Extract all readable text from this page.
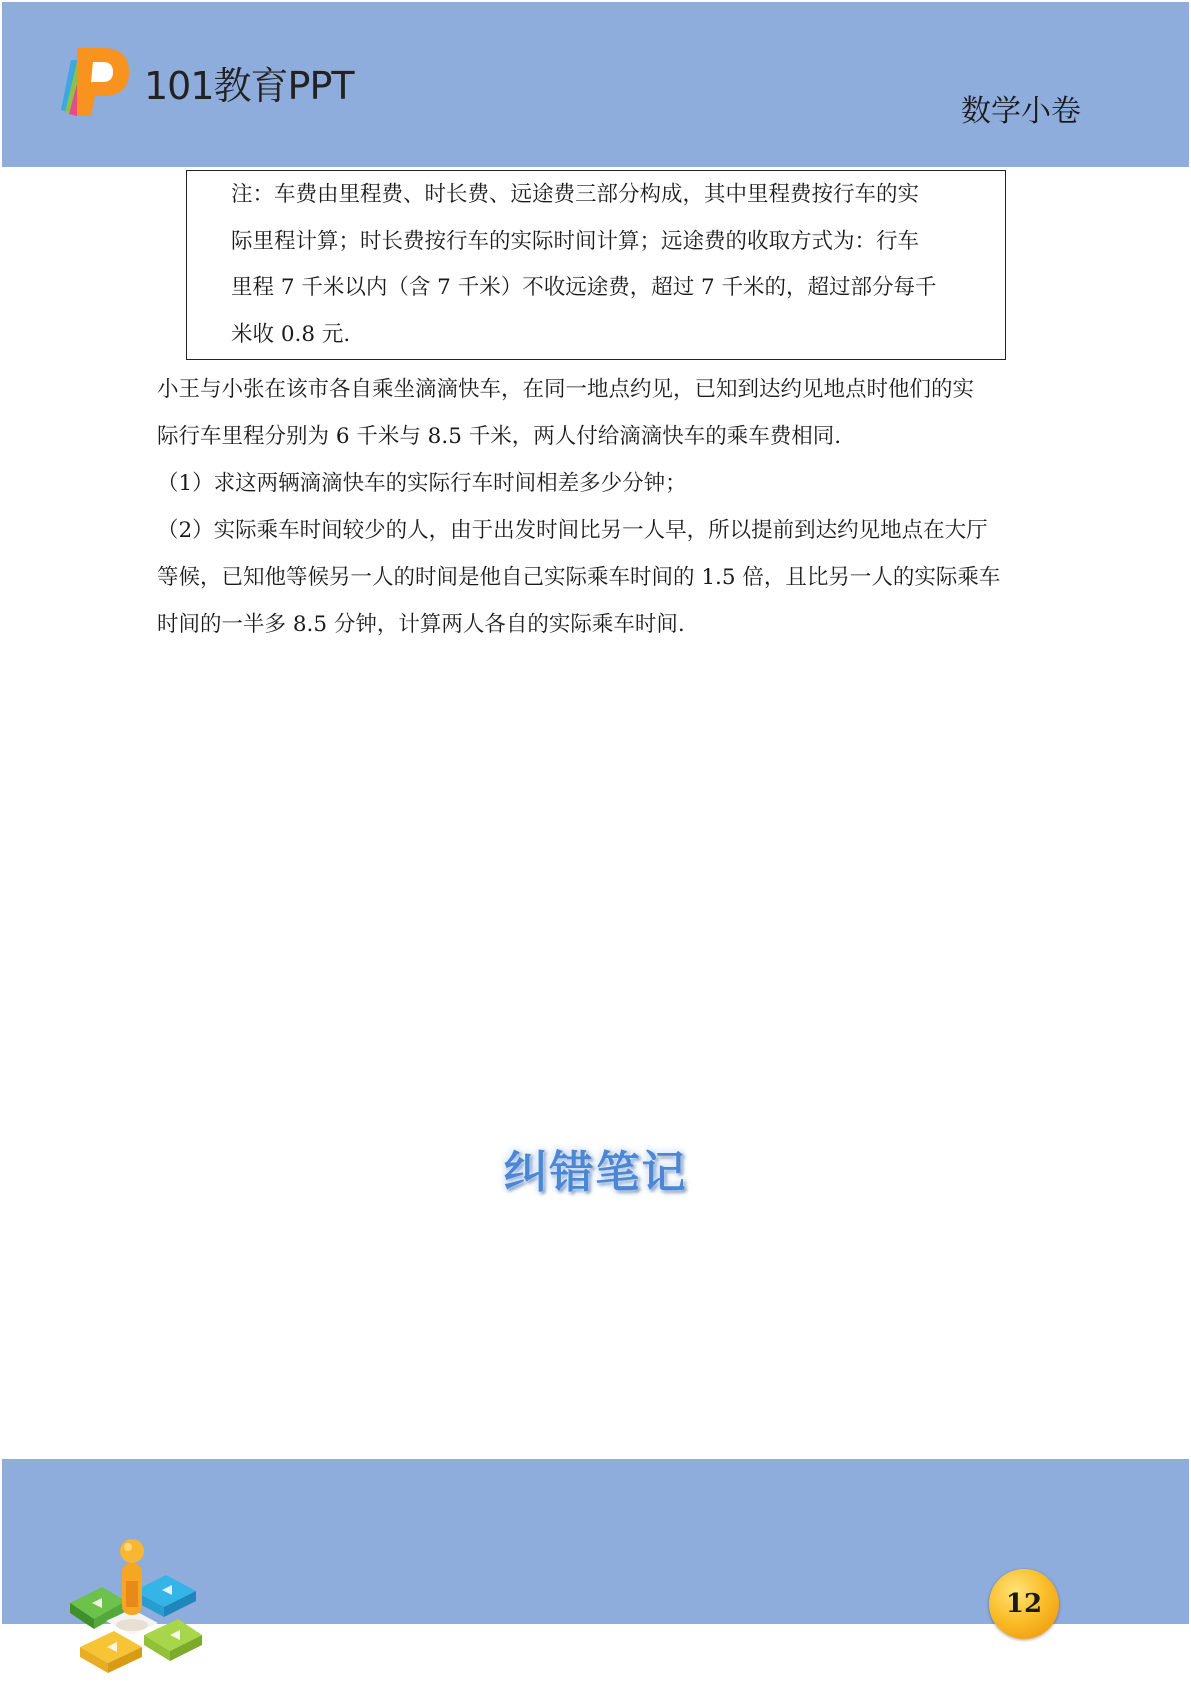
101教育PPT
数学小卷
注：车费由里程费、时长费、远途费三部分构成，其中里程费按行车的实
际里程计算；时长费按行车的实际时间计算；远途费的收取方式为：行车
里程 7 千米以内（含 7 千米）不收远途费，超过 7 千米的，超过部分每千
米收 0.8 元.
小王与小张在该市各自乘坐滴滴快车，在同一地点约见，已知到达约见地点时他们的实
际行车里程分别为 6 千米与 8.5 千米，两人付给滴滴快车的乘车费相同.
（1）求这两辆滴滴快车的实际行车时间相差多少分钟；
（2）实际乘车时间较少的人，由于出发时间比另一人早，所以提前到达约见地点在大厅
等候，已知他等候另一人的时间是他自己实际乘车时间的 1.5 倍，且比另一人的实际乘车
时间的一半多 8.5 分钟，计算两人各自的实际乘车时间.
纠错笔记
12
